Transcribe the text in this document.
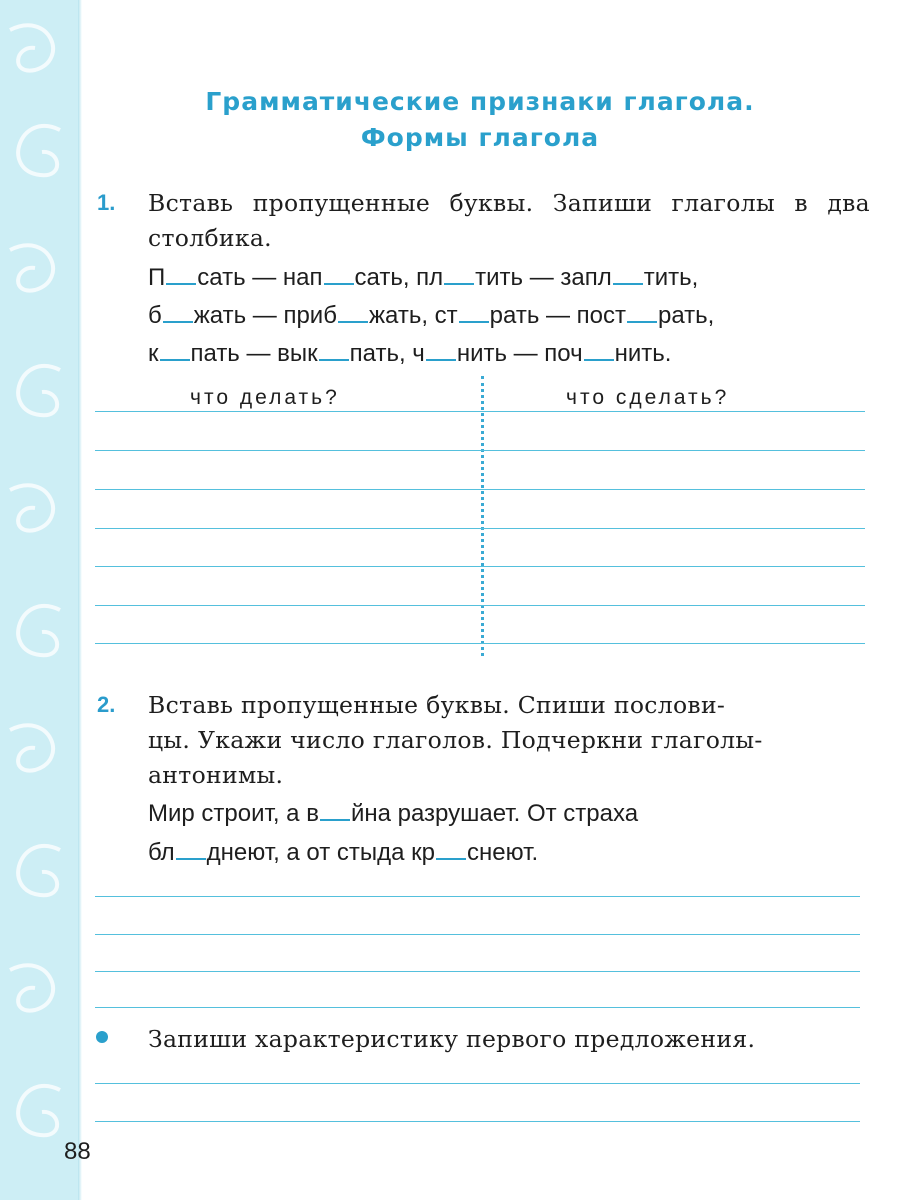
Грамматические признаки глагола.
Формы глагола
1. Вставь пропущенные буквы. Запиши глаголы в два столбика.
П сать — нап сать, пл тить — запл тить,
б жать — приб жать, ст рать — пост рать,
к пать — вык пать, ч нить — поч нить.
что делать?	что сделать?
2. Вставь пропущенные буквы. Спиши послови-
цы. Укажи число глаголов. Подчеркни глаголы-
антонимы.
Мир строит, а в йна разрушает. От страха
бл днеют, а от стыда кр снеют.
Запиши характеристику первого предложения.
88
